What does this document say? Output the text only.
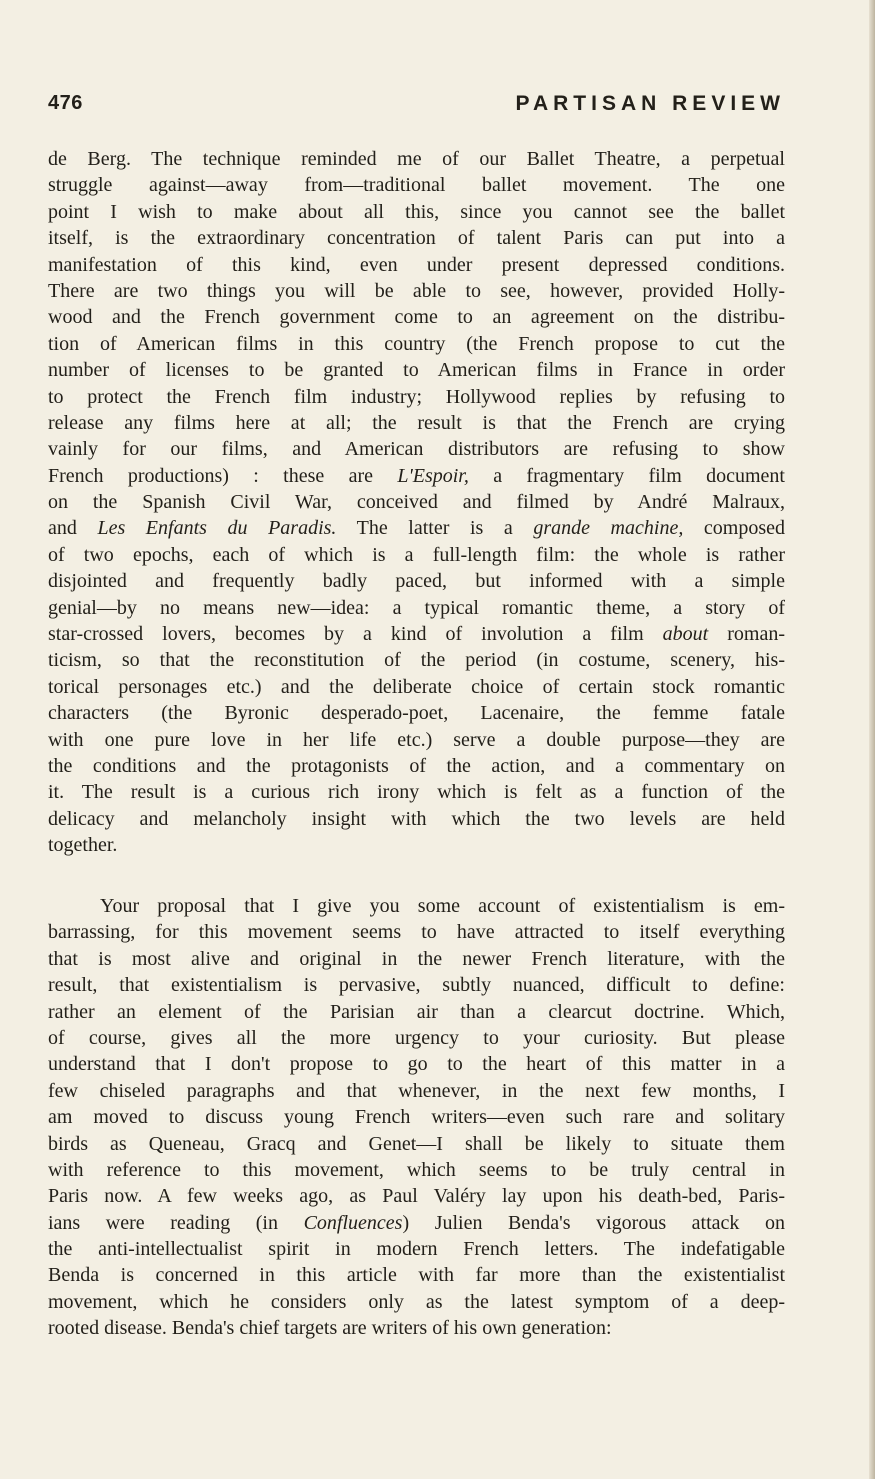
476	PARTISAN REVIEW
de Berg. The technique reminded me of our Ballet Theatre, a perpetual
struggle against—away from—traditional ballet movement. The one
point I wish to make about all this, since you cannot see the ballet
itself, is the extraordinary concentration of talent Paris can put into a
manifestation of this kind, even under present depressed conditions.
There are two things you will be able to see, however, provided Holly-
wood and the French government come to an agreement on the distribu-
tion of American films in this country (the French propose to cut the
number of licenses to be granted to American films in France in order
to protect the French film industry; Hollywood replies by refusing to
release any films here at all; the result is that the French are crying
vainly for our films, and American distributors are refusing to show
French productions) : these are L'Espoir, a fragmentary film document
on the Spanish Civil War, conceived and filmed by André Malraux,
and Les Enfants du Paradis. The latter is a grande machine, composed
of two epochs, each of which is a full-length film: the whole is rather
disjointed and frequently badly paced, but informed with a simple
genial—by no means new—idea: a typical romantic theme, a story of
star-crossed lovers, becomes by a kind of involution a film about roman-
ticism, so that the reconstitution of the period (in costume, scenery, his-
torical personages etc.) and the deliberate choice of certain stock romantic
characters (the Byronic desperado-poet, Lacenaire, the femme fatale
with one pure love in her life etc.) serve a double purpose—they are
the conditions and the protagonists of the action, and a commentary on
it. The result is a curious rich irony which is felt as a function of the
delicacy and melancholy insight with which the two levels are held
together.
Your proposal that I give you some account of existentialism is em-
barrassing, for this movement seems to have attracted to itself everything
that is most alive and original in the newer French literature, with the
result, that existentialism is pervasive, subtly nuanced, difficult to define:
rather an element of the Parisian air than a clearcut doctrine. Which,
of course, gives all the more urgency to your curiosity. But please
understand that I don't propose to go to the heart of this matter in a
few chiseled paragraphs and that whenever, in the next few months, I
am moved to discuss young French writers—even such rare and solitary
birds as Queneau, Gracq and Genet—I shall be likely to situate them
with reference to this movement, which seems to be truly central in
Paris now. A few weeks ago, as Paul Valéry lay upon his death-bed, Paris-
ians were reading (in Confluences) Julien Benda's vigorous attack on
the anti-intellectualist spirit in modern French letters. The indefatigable
Benda is concerned in this article with far more than the existentialist
movement, which he considers only as the latest symptom of a deep-
rooted disease. Benda's chief targets are writers of his own generation:
